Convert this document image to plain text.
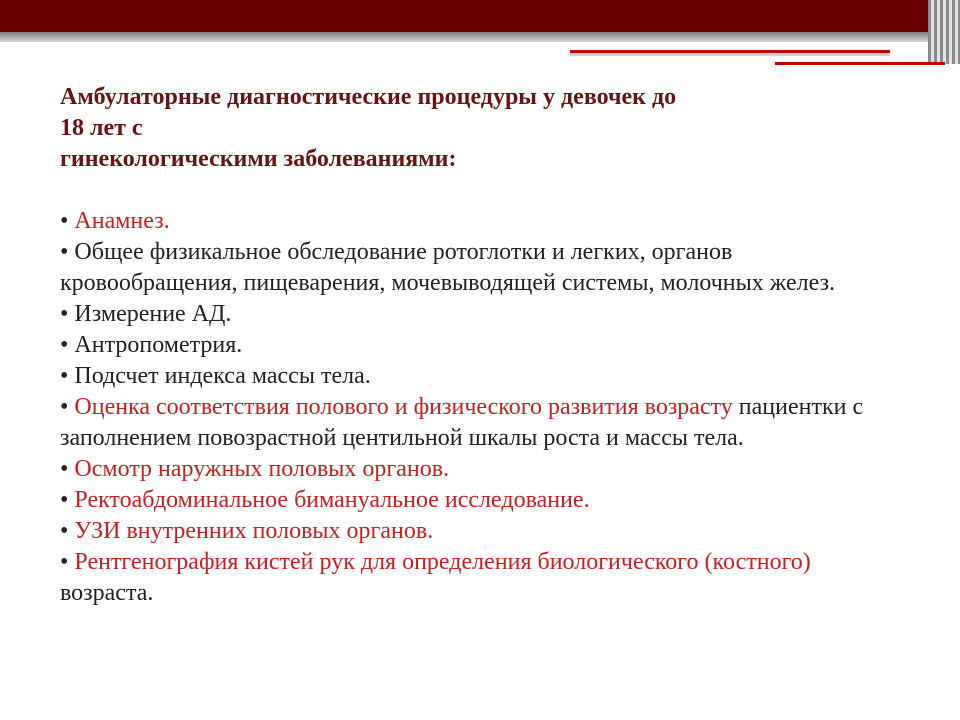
Амбулаторные диагностические процедуры у девочек до
18 лет с
гинекологическими заболеваниями:
• Анамнез.
• Общее физикальное обследование ротоглотки и легких, органов кровообращения, пищеварения, мочевыводящей системы, молочных желез.
• Измерение АД.
• Антропометрия.
• Подсчет индекса массы тела.
• Оценка соответствия полового и физического развития возрасту пациентки с заполнением повозрастной центильной шкалы роста и массы тела.
• Осмотр наружных половых органов.
• Ректоабдоминальное бимануальное исследование.
• УЗИ внутренних половых органов.
• Рентгенография кистей рук для определения биологического (костного)
возраста.
